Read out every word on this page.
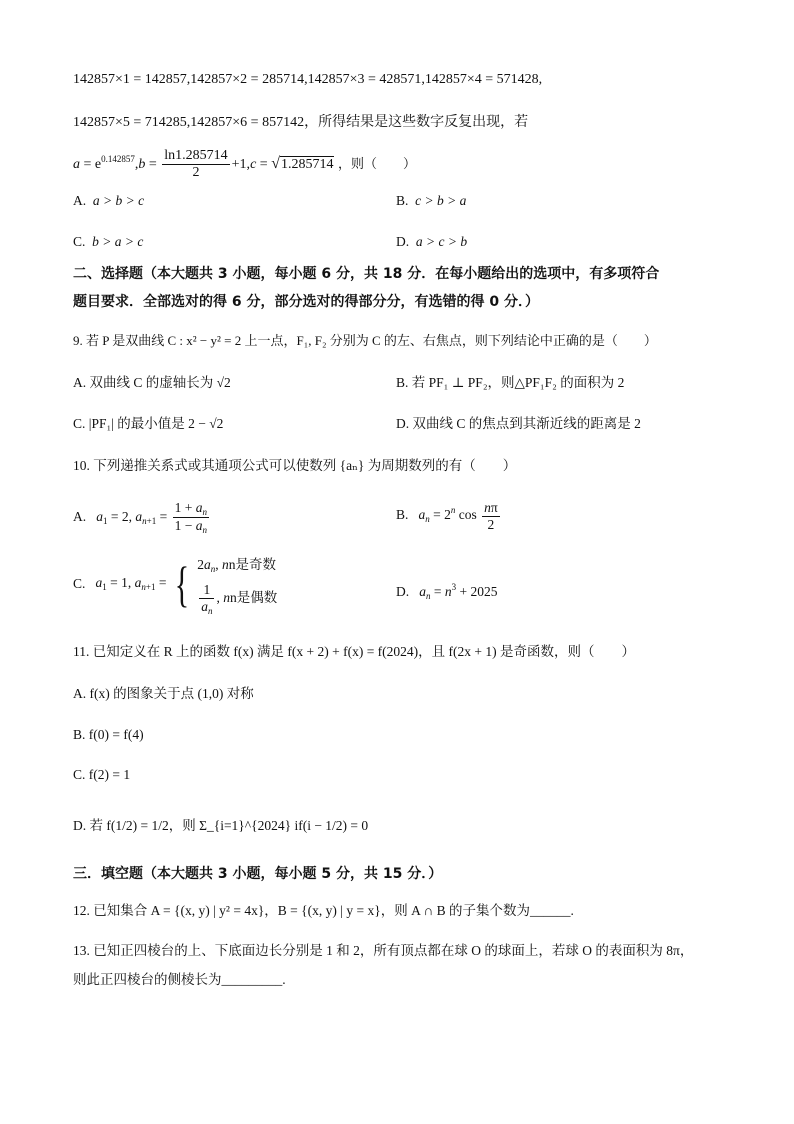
142857×1 = 142857,142857×2 = 285714,142857×3 = 428571,142857×4 = 571428,
142857×5 = 714285,142857×6 = 857142，所得结果是这些数字反复出现，若
$a = e^{0.142857},b = \frac{\ln 1.285714}{2} +1,c = √1.285714$ ，则（　　）
A. a > b > c	B. c > b > a
C. b > a > c	D. a > c > b
二、选择题（本大题共 3 小题，每小题 6 分，共 18 分．在每小题给出的选项中，有多项符合
题目要求．全部选对的得 6 分，部分选对的得部分分，有选错的得 0 分．）
9. 若 P 是双曲线 C : x² − y² = 2 上一点，F₁, F₂ 分别为 C 的左、右焦点，则下列结论中正确的是（　　）
A. 双曲线 C 的虚轴长为 √2	B. 若 PF₁ ⊥ PF₂，则△PF₁F₂ 的面积为 2
C. |PF₁| 的最小值是 2 − √2	D. 双曲线 C 的焦点到其渐近线的距离是 2
10. 下列递推关系式或其通项公式可以使数列 {aₙ} 为周期数列的有（　　）
A. $a_1 = 2$, $a_{n+1} = \frac{1 + a_n}{1 - a_n}$	B. $a_n = 2^n$ $\cos \frac{n\pi}{2}$
C. $a_1 = 1$, $a_{n+1}$ = { $2a_n$, nn是奇数
$\frac{1}{a_n}$ , nn是偶数	D. $a_n = n^3 + 2025$
11. 已知定义在 R 上的函数 f(x) 满足 f(x + 2) + f(x) = f(2024)，且 f(2x + 1) 是奇函数，则（　　）
A. f(x) 的图象关于点 (1,0) 对称
B. f(0) = f(4)
C. f(2) = 1
D. 若 f(1/2) = 1/2，则 Σ_{i=1}^{2024} if(i − 1/2) = 0
三．填空题（本大题共 3 小题，每小题 5 分，共 15 分．）
12. 已知集合 A = {(x, y) | y² = 4x}，B = {(x, y) | y = x}，则 A ∩ B 的子集个数为______.
13. 已知正四棱台的上、下底面边长分别是 1 和 2，所有顶点都在球 O 的球面上，若球 O 的表面积为 8π，
则此正四棱台的侧棱长为_________.
